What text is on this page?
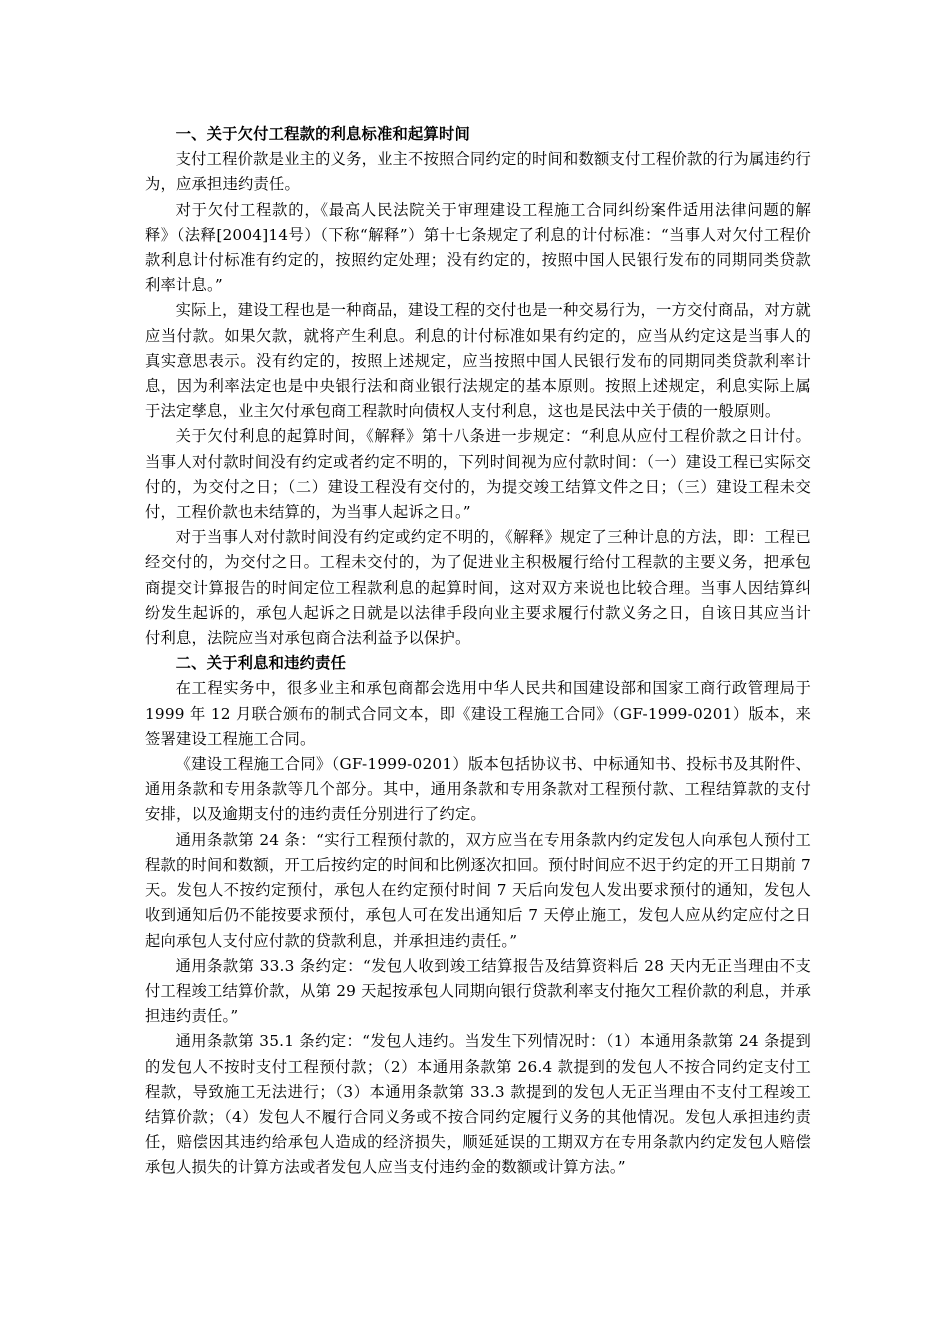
一、关于欠付工程款的利息标准和起算时间

支付工程价款是业主的义务，业主不按照合同约定的时间和数额支付工程价款的行为属违约行为，应承担违约责任。

对于欠付工程款的，《最高人民法院关于审理建设工程施工合同纠纷案件适用法律问题的解释》（法释[2004]14号）（下称“解释”）第十七条规定了利息的计付标准：“当事人对欠付工程价款利息计付标准有约定的，按照约定处理；没有约定的，按照中国人民银行发布的同期同类贷款利率计息。”

实际上，建设工程也是一种商品，建设工程的交付也是一种交易行为，一方交付商品，对方就应当付款。如果欠款，就将产生利息。利息的计付标准如果有约定的，应当从约定这是当事人的真实意思表示。没有约定的，按照上述规定，应当按照中国人民银行发布的同期同类贷款利率计息，因为利率法定也是中央银行法和商业银行法规定的基本原则。按照上述规定，利息实际上属于法定孳息，业主欠付承包商工程款时向债权人支付利息，这也是民法中关于债的一般原则。

关于欠付利息的起算时间，《解释》第十八条进一步规定：“利息从应付工程价款之日计付。当事人对付款时间没有约定或者约定不明的，下列时间视为应付款时间：（一）建设工程已实际交付的，为交付之日；（二）建设工程没有交付的，为提交竣工结算文件之日；（三）建设工程未交付，工程价款也未结算的，为当事人起诉之日。”

对于当事人对付款时间没有约定或约定不明的，《解释》规定了三种计息的方法，即：工程已经交付的，为交付之日。工程未交付的，为了促进业主积极履行给付工程款的主要义务，把承包商提交计算报告的时间定位工程款利息的起算时间，这对双方来说也比较合理。当事人因结算纠纷发生起诉的，承包人起诉之日就是以法律手段向业主要求履行付款义务之日，自该日其应当计付利息，法院应当对承包商合法利益予以保护。

二、关于利息和违约责任

在工程实务中，很多业主和承包商都会选用中华人民共和国建设部和国家工商行政管理局于 1999 年 12 月联合颁布的制式合同文本，即《建设工程施工合同》（GF-1999-0201）版本，来签署建设工程施工合同。

《建设工程施工合同》（GF-1999-0201）版本包括协议书、中标通知书、投标书及其附件、通用条款和专用条款等几个部分。其中，通用条款和专用条款对工程预付款、工程结算款的支付安排，以及逾期支付的违约责任分别进行了约定。

通用条款第 24 条：“实行工程预付款的，双方应当在专用条款内约定发包人向承包人预付工程款的时间和数额，开工后按约定的时间和比例逐次扣回。预付时间应不迟于约定的开工日期前 7 天。发包人不按约定预付，承包人在约定预付时间 7 天后向发包人发出要求预付的通知，发包人收到通知后仍不能按要求预付，承包人可在发出通知后 7 天停止施工，发包人应从约定应付之日起向承包人支付应付款的贷款利息，并承担违约责任。”

通用条款第 33.3 条约定：“发包人收到竣工结算报告及结算资料后 28 天内无正当理由不支付工程竣工结算价款，从第 29 天起按承包人同期向银行贷款利率支付拖欠工程价款的利息，并承担违约责任。”

通用条款第 35.1 条约定：“发包人违约。当发生下列情况时：（1）本通用条款第 24 条提到的发包人不按时支付工程预付款；（2）本通用条款第 26.4 款提到的发包人不按合同约定支付工程款，导致施工无法进行；（3）本通用条款第 33.3 款提到的发包人无正当理由不支付工程竣工结算价款；（4）发包人不履行合同义务或不按合同约定履行义务的其他情况。发包人承担违约责任，赔偿因其违约给承包人造成的经济损失，顺延延误的工期双方在专用条款内约定发包人赔偿承包人损失的计算方法或者发包人应当支付违约金的数额或计算方法。”
